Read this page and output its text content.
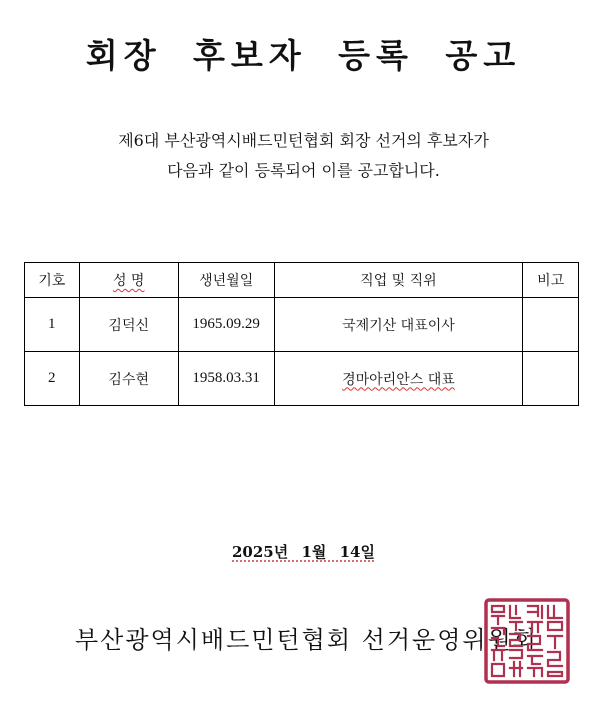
회장 후보자 등록 공고
제6대 부산광역시배드민턴협회 회장 선거의 후보자가
다음과 같이 등록되어 이를 공고합니다.
기호	성 명	생년월일	직업 및 직위	비고
1	김덕신	1965.09.29	국제기산 대표이사	
2	김수현	1958.03.31	경마아리안스 대표	
2025년 1월 14일
부산광역시배드민턴협회 선거운영위원회
